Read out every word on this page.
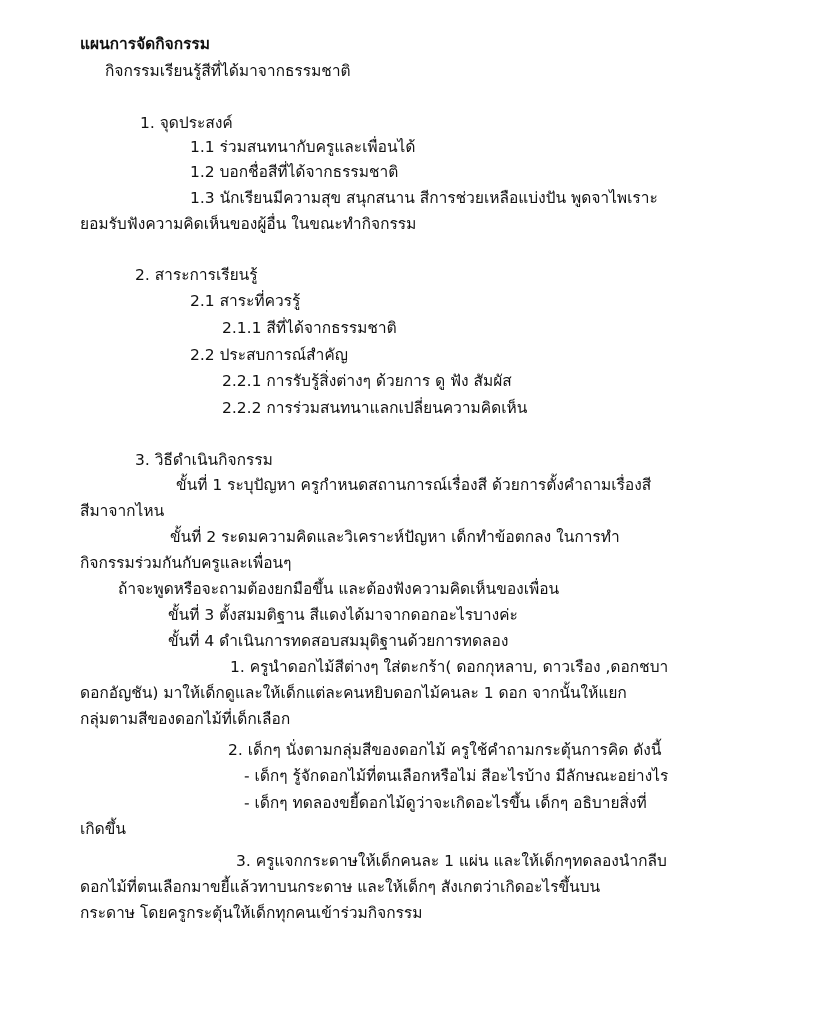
แผนการจัดกิจกรรม
กิจกรรมเรียนรู้สีที่ได้มาจากธรรมชาติ
1. จุดประสงค์
1.1 ร่วมสนทนากับครูและเพื่อนได้
1.2 บอกชื่อสีที่ได้จากธรรมชาติ
1.3 นักเรียนมีความสุข สนุกสนาน สีการช่วยเหลือแบ่งปัน พูดจาไพเราะ
ยอมรับฟังความคิดเห็นของผู้อื่น ในขณะทำกิจกรรม
2. สาระการเรียนรู้
2.1 สาระที่ควรรู้
2.1.1 สีที่ได้จากธรรมชาติ
2.2 ประสบการณ์สำคัญ
2.2.1 การรับรู้สิ่งต่างๆ ด้วยการ ดู ฟัง สัมผัส
2.2.2 การร่วมสนทนาแลกเปลี่ยนความคิดเห็น
3. วิธีดำเนินกิจกรรม
ขั้นที่ 1 ระบุปัญหา ครูกำหนดสถานการณ์เรื่องสี ด้วยการตั้งคำถามเรื่องสี
สีมาจากไหน
ขั้นที่ 2 ระดมความคิดและวิเคราะห์ปัญหา เด็กทำข้อตกลง ในการทำ
กิจกรรมร่วมกันกับครูและเพื่อนๆ
ถ้าจะพูดหรือจะถามต้องยกมือขึ้น และต้องฟังความคิดเห็นของเพื่อน
ขั้นที่ 3 ตั้งสมมติฐาน สีแดงได้มาจากดอกอะไรบางค่ะ
ขั้นที่ 4 ดำเนินการทดสอบสมมุติฐานด้วยการทดลอง
1. ครูนำดอกไม้สีต่างๆ ใส่ตะกร้า( ดอกกุหลาบ, ดาวเรือง ,ดอกชบา
ดอกอัญชัน) มาให้เด็กดูและให้เด็กแต่ละคนหยิบดอกไม้คนละ 1 ดอก จากนั้นให้แยก
กลุ่มตามสีของดอกไม้ที่เด็กเลือก
2. เด็กๆ นั่งตามกลุ่มสีของดอกไม้ ครูใช้คำถามกระตุ้นการคิด ดังนี้
- เด็กๆ รู้จักดอกไม้ที่ตนเลือกหรือไม่ สีอะไรบ้าง มีลักษณะอย่างไร
- เด็กๆ ทดลองขยี้ดอกไม้ดูว่าจะเกิดอะไรขึ้น เด็กๆ อธิบายสิ่งที่
เกิดขึ้น
3. ครูแจกกระดาษให้เด็กคนละ 1 แผ่น และให้เด็กๆทดลองนำกลีบ
ดอกไม้ที่ตนเลือกมาขยี้แล้วทาบนกระดาษ และให้เด็กๆ สังเกตว่าเกิดอะไรขึ้นบน
กระดาษ โดยครูกระตุ้นให้เด็กทุกคนเข้าร่วมกิจกรรม
